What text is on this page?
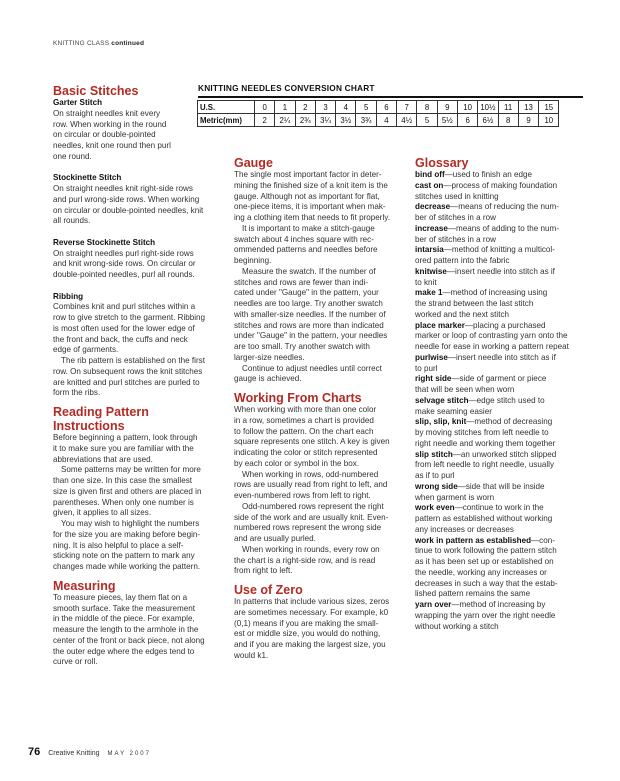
KNITTING CLASS continued
Basic Stitches
Garter Stitch
On straight needles knit every
row. When working in the round
on circular or double-pointed
needles, knit one round then purl
one round.
Stockinette Stitch
On straight needles knit right-side rows
and purl wrong-side rows. When working
on circular or double-pointed needles, knit
all rounds.
Reverse Stockinette Stitch
On straight needles purl right-side rows
and knit wrong-side rows. On circular or
double-pointed needles, purl all rounds.
Ribbing
Combines knit and purl stitches within a
row to give stretch to the garment. Ribbing
is most often used for the lower edge of
the front and back, the cuffs and neck
edge of garments.
The rib pattern is established on the first
row. On subsequent rows the knit stitches
are knitted and purl stitches are purled to
form the ribs.
Reading Pattern Instructions
Before beginning a pattern, look through
it to make sure you are familiar with the
abbreviations that are used.
Some patterns may be written for more
than one size. In this case the smallest
size is given first and others are placed in
parentheses. When only one number is
given, it applies to all sizes.
You may wish to highlight the numbers
for the size you are making before begin-
ning. It is also helpful to place a self-
sticking note on the pattern to mark any
changes made while working the pattern.
Measuring
To measure pieces, lay them flat on a
smooth surface. Take the measurement
in the middle of the piece. For example,
measure the length to the armhole in the
center of the front or back piece, not along
the outer edge where the edges tend to
curve or roll.
KNITTING NEEDLES CONVERSION CHART
U.S.	0	1	2	3	4	5	6	7	8	9	10	10½	11	13	15
Metric(mm)	2	2¼	2¾	3¼	3½	3¾	4	4½	5	5½	6	6½	8	9	10
Gauge
The single most important factor in deter-
mining the finished size of a knit item is the
gauge. Although not as important for flat,
one-piece items, it is important when mak-
ing a clothing item that needs to fit properly.
It is important to make a stitch-gauge
swatch about 4 inches square with rec-
ommended patterns and needles before
beginning.
Measure the swatch. If the number of
stitches and rows are fewer than indi-
cated under "Gauge" in the pattern, your
needles are too large. Try another swatch
with smaller-size needles. If the number of
stitches and rows are more than indicated
under "Gauge" in the pattern, your needles
are too small. Try another swatch with
larger-size needles.
Continue to adjust needles until correct
gauge is achieved.
Working From Charts
When working with more than one color
in a row, sometimes a chart is provided
to follow the pattern. On the chart each
square represents one stitch. A key is given
indicating the color or stitch represented
by each color or symbol in the box.
When working in rows, odd-numbered
rows are usually read from right to left, and
even-numbered rows from left to right.
Odd-numbered rows represent the right
side of the work and are usually knit. Even-
numbered rows represent the wrong side
and are usually purled.
When working in rounds, every row on
the chart is a right-side row, and is read
from right to left.
Use of Zero
In patterns that include various sizes, zeros
are sometimes necessary. For example, k0
(0,1) means if you are making the small-
est or middle size, you would do nothing,
and if you are making the largest size, you
would k1.
Glossary
bind off—used to finish an edge
cast on—process of making foundation
stitches used in knitting
decrease—means of reducing the num-
ber of stitches in a row
increase—means of adding to the num-
ber of stitches in a row
intarsia—method of knitting a multicol-
ored pattern into the fabric
knitwise—insert needle into stitch as if
to knit
make 1—method of increasing using
the strand between the last stitch
worked and the next stitch
place marker—placing a purchased
marker or loop of contrasting yarn onto the
needle for ease in working a pattern repeat
purlwise—insert needle into stitch as if
to purl
right side—side of garment or piece
that will be seen when worn
selvage stitch—edge stitch used to
make seaming easier
slip, slip, knit—method of decreasing
by moving stitches from left needle to
right needle and working them together
slip stitch—an unworked stitch slipped
from left needle to right needle, usually
as if to purl
wrong side—side that will be inside
when garment is worn
work even—continue to work in the
pattern as established without working
any increases or decreases
work in pattern as established—con-
tinue to work following the pattern stitch
as it has been set up or established on
the needle, working any increases or
decreases in such a way that the estab-
lished pattern remains the same
yarn over—method of increasing by
wrapping the yarn over the right needle
without working a stitch
76 Creative Knitting MAY 2007
